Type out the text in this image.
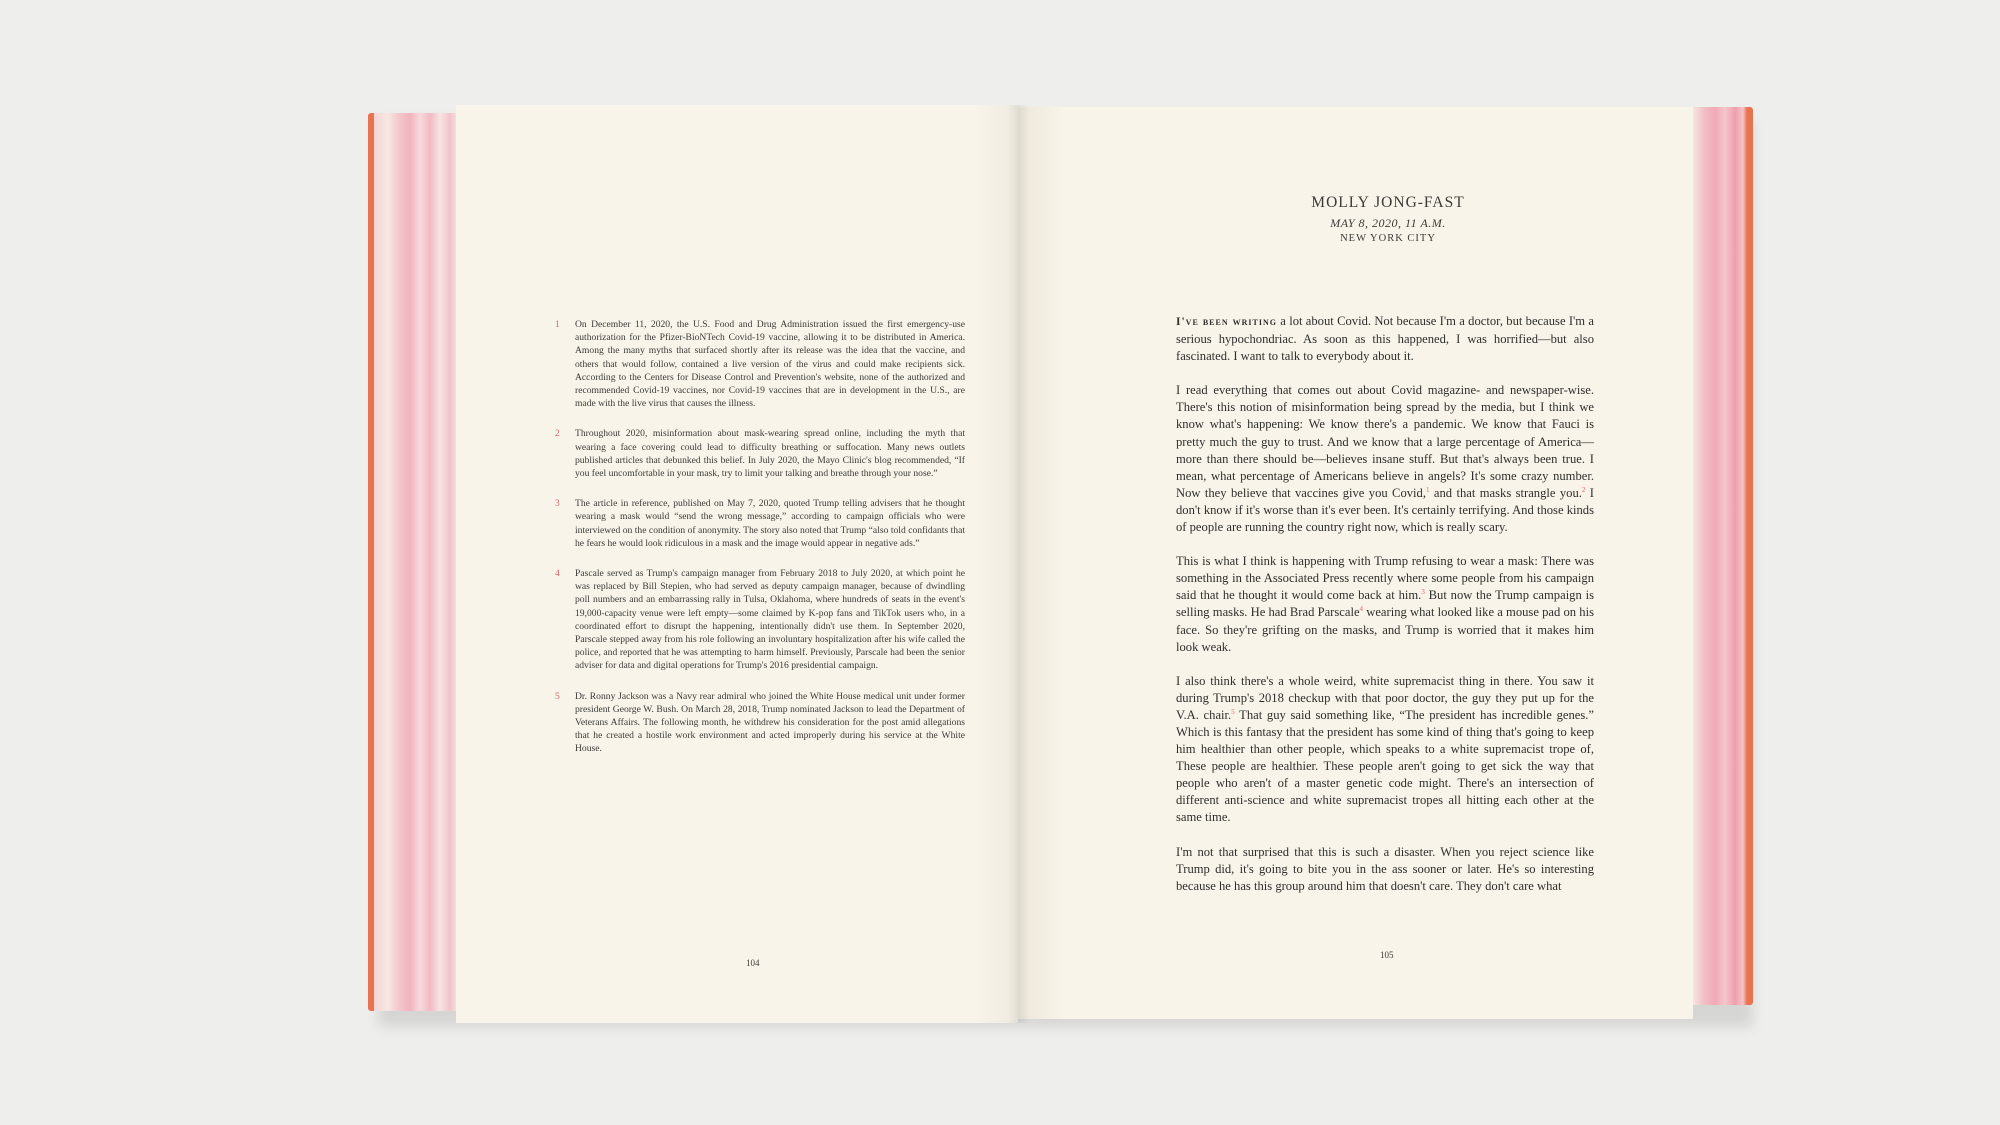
1 On December 11, 2020, the U.S. Food and Drug Administration issued the first emergency-use authorization for the Pfizer-BioNTech Covid-19 vaccine, allowing it to be distributed in America. Among the many myths that surfaced shortly after its release was the idea that the vaccine, and others that would follow, contained a live version of the virus and could make recipients sick. According to the Centers for Disease Control and Prevention's website, none of the authorized and recommended Covid-19 vaccines, nor Covid-19 vaccines that are in development in the U.S., are made with the live virus that causes the illness.
2 Throughout 2020, misinformation about mask-wearing spread online, including the myth that wearing a face covering could lead to difficulty breathing or suffocation. Many news outlets published articles that debunked this belief. In July 2020, the Mayo Clinic's blog recommended, “If you feel uncomfortable in your mask, try to limit your talking and breathe through your nose.”
3 The article in reference, published on May 7, 2020, quoted Trump telling advisers that he thought wearing a mask would “send the wrong message,” according to campaign officials who were interviewed on the condition of anonymity. The story also noted that Trump “also told confidants that he fears he would look ridiculous in a mask and the image would appear in negative ads.”
4 Pascale served as Trump's campaign manager from February 2018 to July 2020, at which point he was replaced by Bill Stepien, who had served as deputy campaign manager, because of dwindling poll numbers and an embarrassing rally in Tulsa, Oklahoma, where hundreds of seats in the event's 19,000-capacity venue were left empty—some claimed by K-pop fans and TikTok users who, in a coordinated effort to disrupt the happening, intentionally didn't use them. In September 2020, Parscale stepped away from his role following an involuntary hospitalization after his wife called the police, and reported that he was attempting to harm himself. Previously, Parscale had been the senior adviser for data and digital operations for Trump's 2016 presidential campaign.
5 Dr. Ronny Jackson was a Navy rear admiral who joined the White House medical unit under former president George W. Bush. On March 28, 2018, Trump nominated Jackson to lead the Department of Veterans Affairs. The following month, he withdrew his consideration for the post amid allegations that he created a hostile work environment and acted improperly during his service at the White House.
104
MOLLY JONG-FAST
MAY 8, 2020, 11 A.M.
NEW YORK CITY

I've been writing a lot about Covid. Not because I'm a doctor, but because I'm a serious hypochondriac. As soon as this happened, I was horrified—but also fascinated. I want to talk to everybody about it.

I read everything that comes out about Covid magazine- and newspaper-wise. There's this notion of misinformation being spread by the media, but I think we know what's happening: We know there's a pandemic. We know that Fauci is pretty much the guy to trust. And we know that a large percentage of America—more than there should be—believes insane stuff. But that's always been true. I mean, what percentage of Americans believe in angels? It's some crazy number. Now they believe that vaccines give you Covid,$^1$ and that masks strangle you.$^2$ I don't know if it's worse than it's ever been. It's certainly terrifying. And those kinds of people are running the country right now, which is really scary.

This is what I think is happening with Trump refusing to wear a mask: There was something in the Associated Press recently where some people from his campaign said that he thought it would come back at him.$^3$ But now the Trump campaign is selling masks. He had Brad Parscale$^4$ wearing what looked like a mouse pad on his face. So they're grifting on the masks, and Trump is worried that it makes him look weak.

I also think there's a whole weird, white supremacist thing in there. You saw it during Trump's 2018 checkup with that poor doctor, the guy they put up for the V.A. chair.$^5$ That guy said something like, “The president has incredible genes.” Which is this fantasy that the president has some kind of thing that's going to keep him healthier than other people, which speaks to a white supremacist trope of, These people are healthier. These people aren't going to get sick the way that people who aren't of a master genetic code might. There's an intersection of different anti-science and white supremacist tropes all hitting each other at the same time.

I'm not that surprised that this is such a disaster. When you reject science like Trump did, it's going to bite you in the ass sooner or later. He's so interesting because he has this group around him that doesn't care. They don't care what

105
